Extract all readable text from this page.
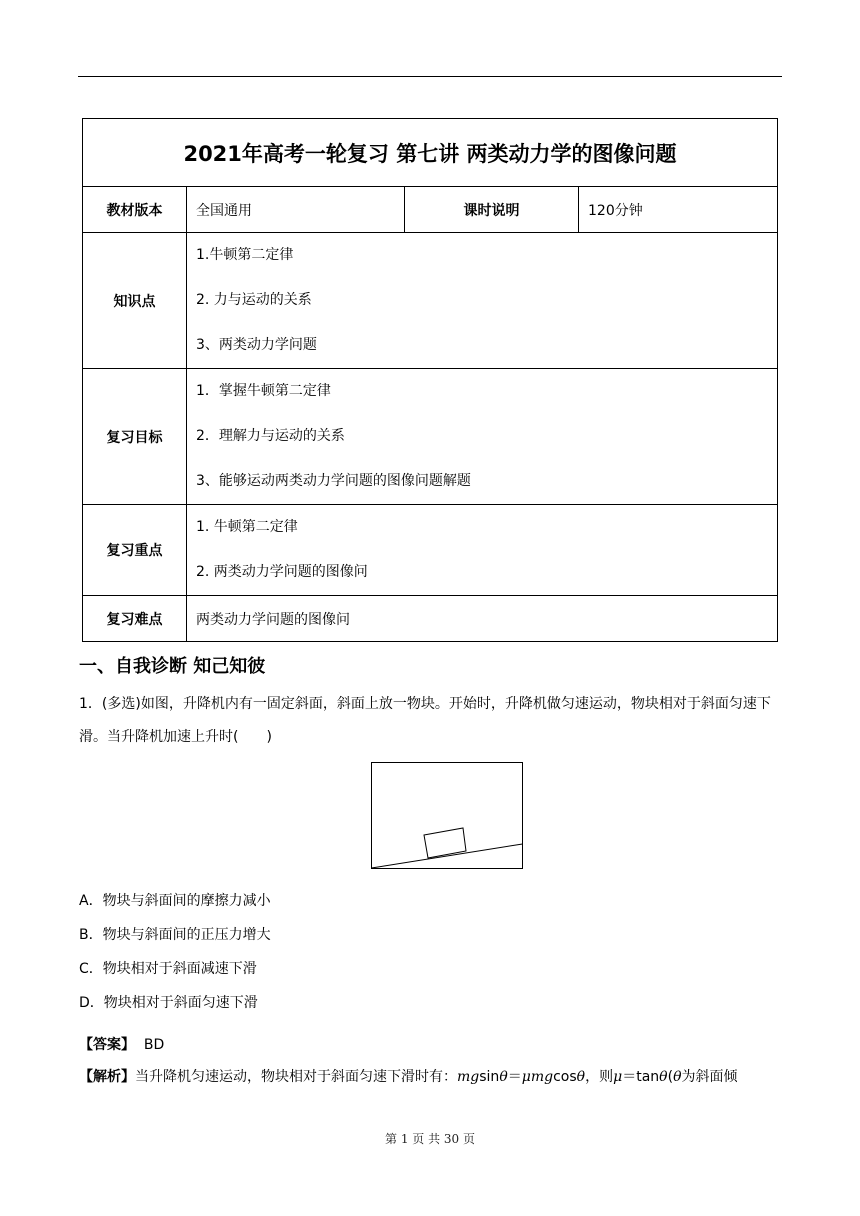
2021年高考一轮复习 第七讲 两类动力学的图像问题			
教材版本	全国通用	课时说明	120分钟
知识点	1.牛顿第二定律
2. 力与运动的关系
3、两类动力学问题		

复习目标	1．掌握牛顿第二定律
2．理解力与运动的关系
3、能够运动两类动力学问题的图像问题解题		

复习重点	1. 牛顿第二定律
2. 两类动力学问题的图像问		

复习难点	两类动力学问题的图像问		
一、自我诊断 知己知彼
1．(多选)如图，升降机内有一固定斜面，斜面上放一物块。开始时，升降机做匀速运动，物块相对于斜面匀速下滑。当升降机加速上升时(　　)
A．物块与斜面间的摩擦力减小
B．物块与斜面间的正压力增大
C．物块相对于斜面减速下滑
D．物块相对于斜面匀速下滑
【答案】 BD
【解析】当升降机匀速运动，物块相对于斜面匀速下滑时有：mgsinθ＝μmgcosθ，则μ＝tanθ(θ为斜面倾
第 1 页 共 30 页
